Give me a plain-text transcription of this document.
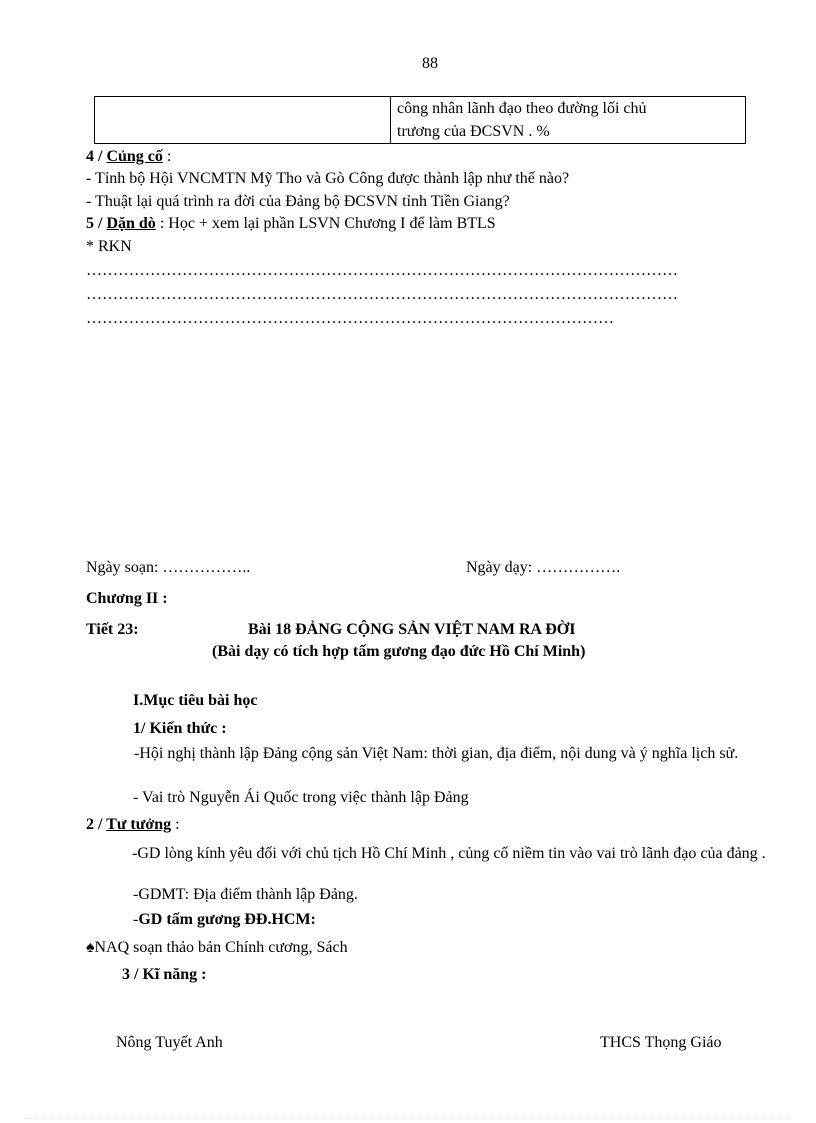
88

công nhân lãnh đạo theo đường lối chủ
trương của ĐCSVN . %
4 / Củng cố :
- Tỉnh bộ Hội VNCMTN Mỹ Tho và Gò Công được thành lập như thế nào?
- Thuật lại quá trình ra đời của Đảng bộ ĐCSVN tỉnh Tiền Giang?
5 / Dặn dò : Học + xem lại phần LSVN Chương I để làm BTLS
* RKN
…………………………………………………………………………………………………
…………………………………………………………………………………………………
………………………………………………………………………………………
Ngày soạn: ……………..	Ngày dạy: …………….
Chương II :
Tiết 23:	Bài 18 ĐẢNG CỘNG SẢN VIỆT NAM RA ĐỜI
(Bài dạy có tích hợp tấm gương đạo đức Hồ Chí Minh)
I.Mục tiêu bài học
1/ Kiến thức :
-Hội nghị thành lập Đảng cộng sản Việt Nam: thời gian, địa điểm, nội dung và ý nghĩa lịch sử.
- Vai trò Nguyễn Ái Quốc trong việc thành lập Đảng
2 / Tư tưởng :
-GD lòng kính yêu đối với chủ tịch Hồ Chí Minh , củng cố niềm tin vào vai trò lãnh đạo của đảng .
-GDMT: Địa điểm thành lập Đảng.
-GD tấm gương ĐĐ.HCM:
♠NAQ soạn thảo bản Chính cương, Sách
3 / Kĩ năng :
Nông Tuyết Anh	THCS Thọng Giáo
